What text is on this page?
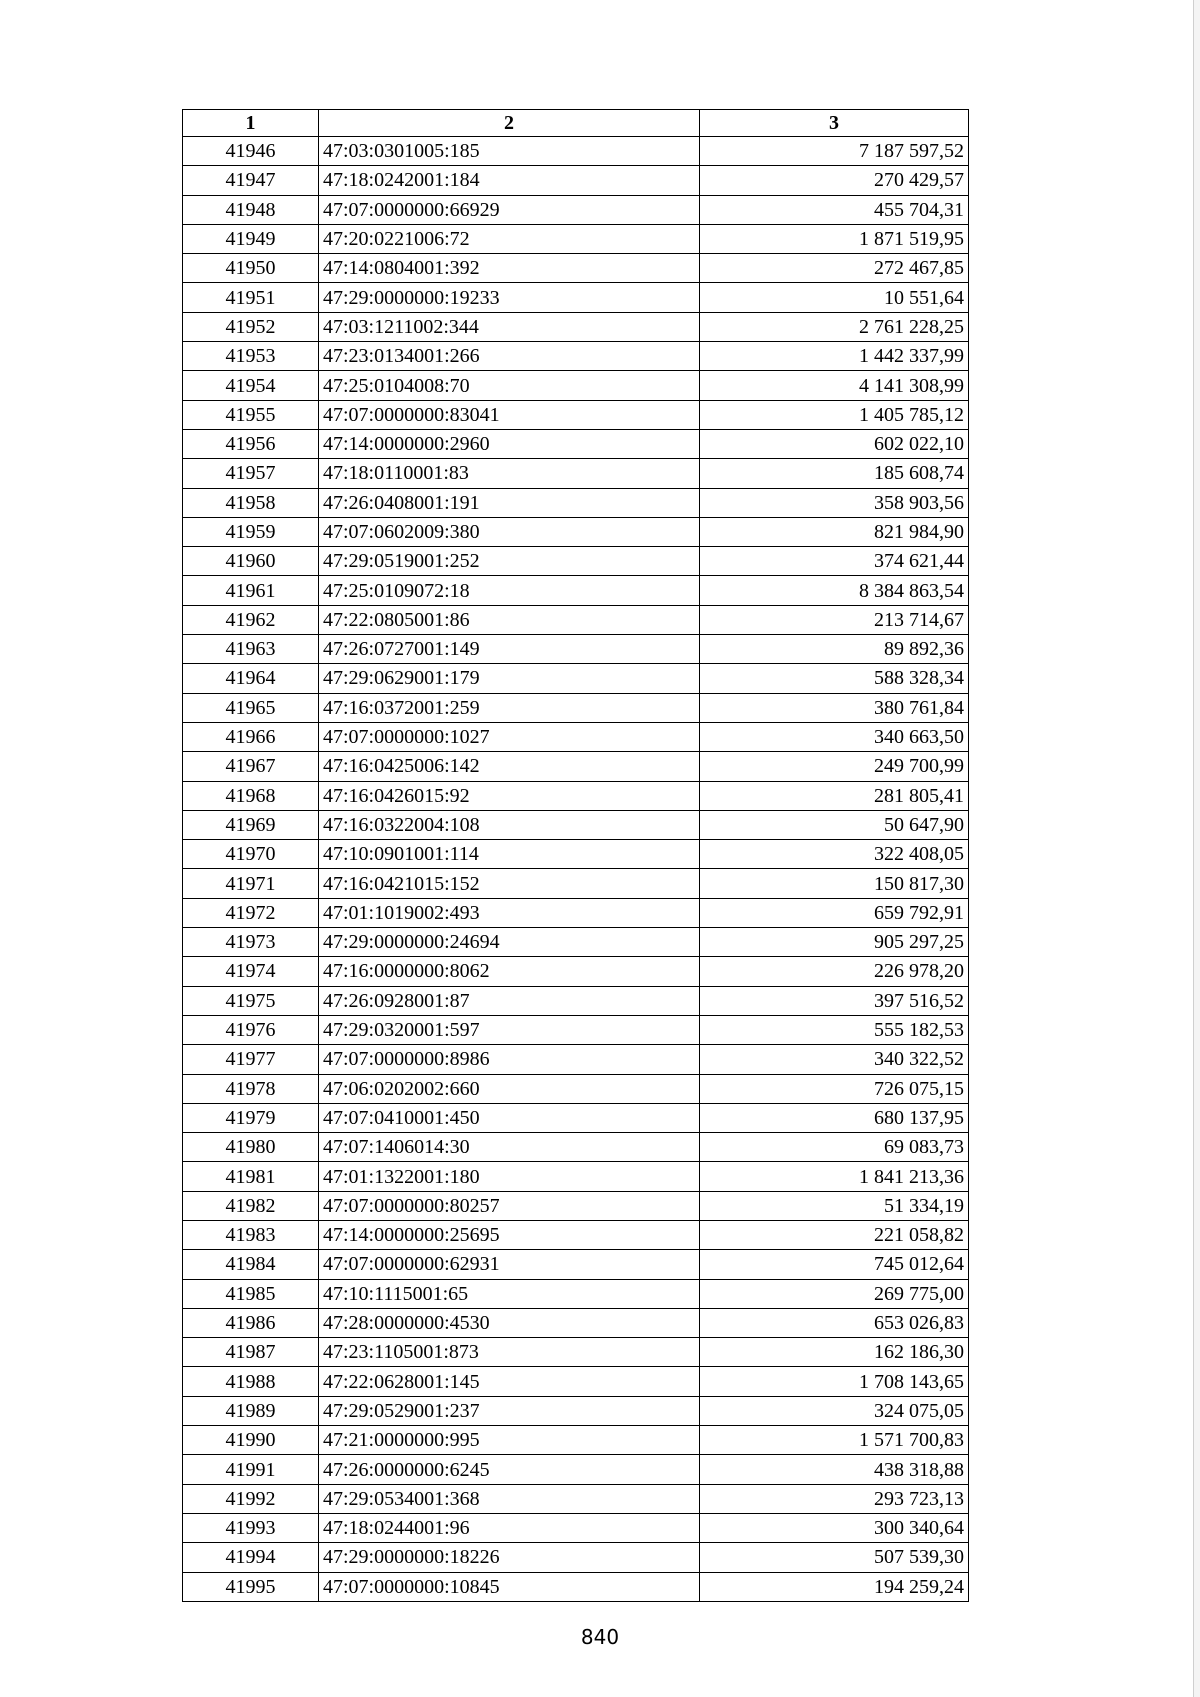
1	2	3
41946	47:03:0301005:185	7 187 597,52
41947	47:18:0242001:184	270 429,57
41948	47:07:0000000:66929	455 704,31
41949	47:20:0221006:72	1 871 519,95
41950	47:14:0804001:392	272 467,85
41951	47:29:0000000:19233	10 551,64
41952	47:03:1211002:344	2 761 228,25
41953	47:23:0134001:266	1 442 337,99
41954	47:25:0104008:70	4 141 308,99
41955	47:07:0000000:83041	1 405 785,12
41956	47:14:0000000:2960	602 022,10
41957	47:18:0110001:83	185 608,74
41958	47:26:0408001:191	358 903,56
41959	47:07:0602009:380	821 984,90
41960	47:29:0519001:252	374 621,44
41961	47:25:0109072:18	8 384 863,54
41962	47:22:0805001:86	213 714,67
41963	47:26:0727001:149	89 892,36
41964	47:29:0629001:179	588 328,34
41965	47:16:0372001:259	380 761,84
41966	47:07:0000000:1027	340 663,50
41967	47:16:0425006:142	249 700,99
41968	47:16:0426015:92	281 805,41
41969	47:16:0322004:108	50 647,90
41970	47:10:0901001:114	322 408,05
41971	47:16:0421015:152	150 817,30
41972	47:01:1019002:493	659 792,91
41973	47:29:0000000:24694	905 297,25
41974	47:16:0000000:8062	226 978,20
41975	47:26:0928001:87	397 516,52
41976	47:29:0320001:597	555 182,53
41977	47:07:0000000:8986	340 322,52
41978	47:06:0202002:660	726 075,15
41979	47:07:0410001:450	680 137,95
41980	47:07:1406014:30	69 083,73
41981	47:01:1322001:180	1 841 213,36
41982	47:07:0000000:80257	51 334,19
41983	47:14:0000000:25695	221 058,82
41984	47:07:0000000:62931	745 012,64
41985	47:10:1115001:65	269 775,00
41986	47:28:0000000:4530	653 026,83
41987	47:23:1105001:873	162 186,30
41988	47:22:0628001:145	1 708 143,65
41989	47:29:0529001:237	324 075,05
41990	47:21:0000000:995	1 571 700,83
41991	47:26:0000000:6245	438 318,88
41992	47:29:0534001:368	293 723,13
41993	47:18:0244001:96	300 340,64
41994	47:29:0000000:18226	507 539,30
41995	47:07:0000000:10845	194 259,24
840
